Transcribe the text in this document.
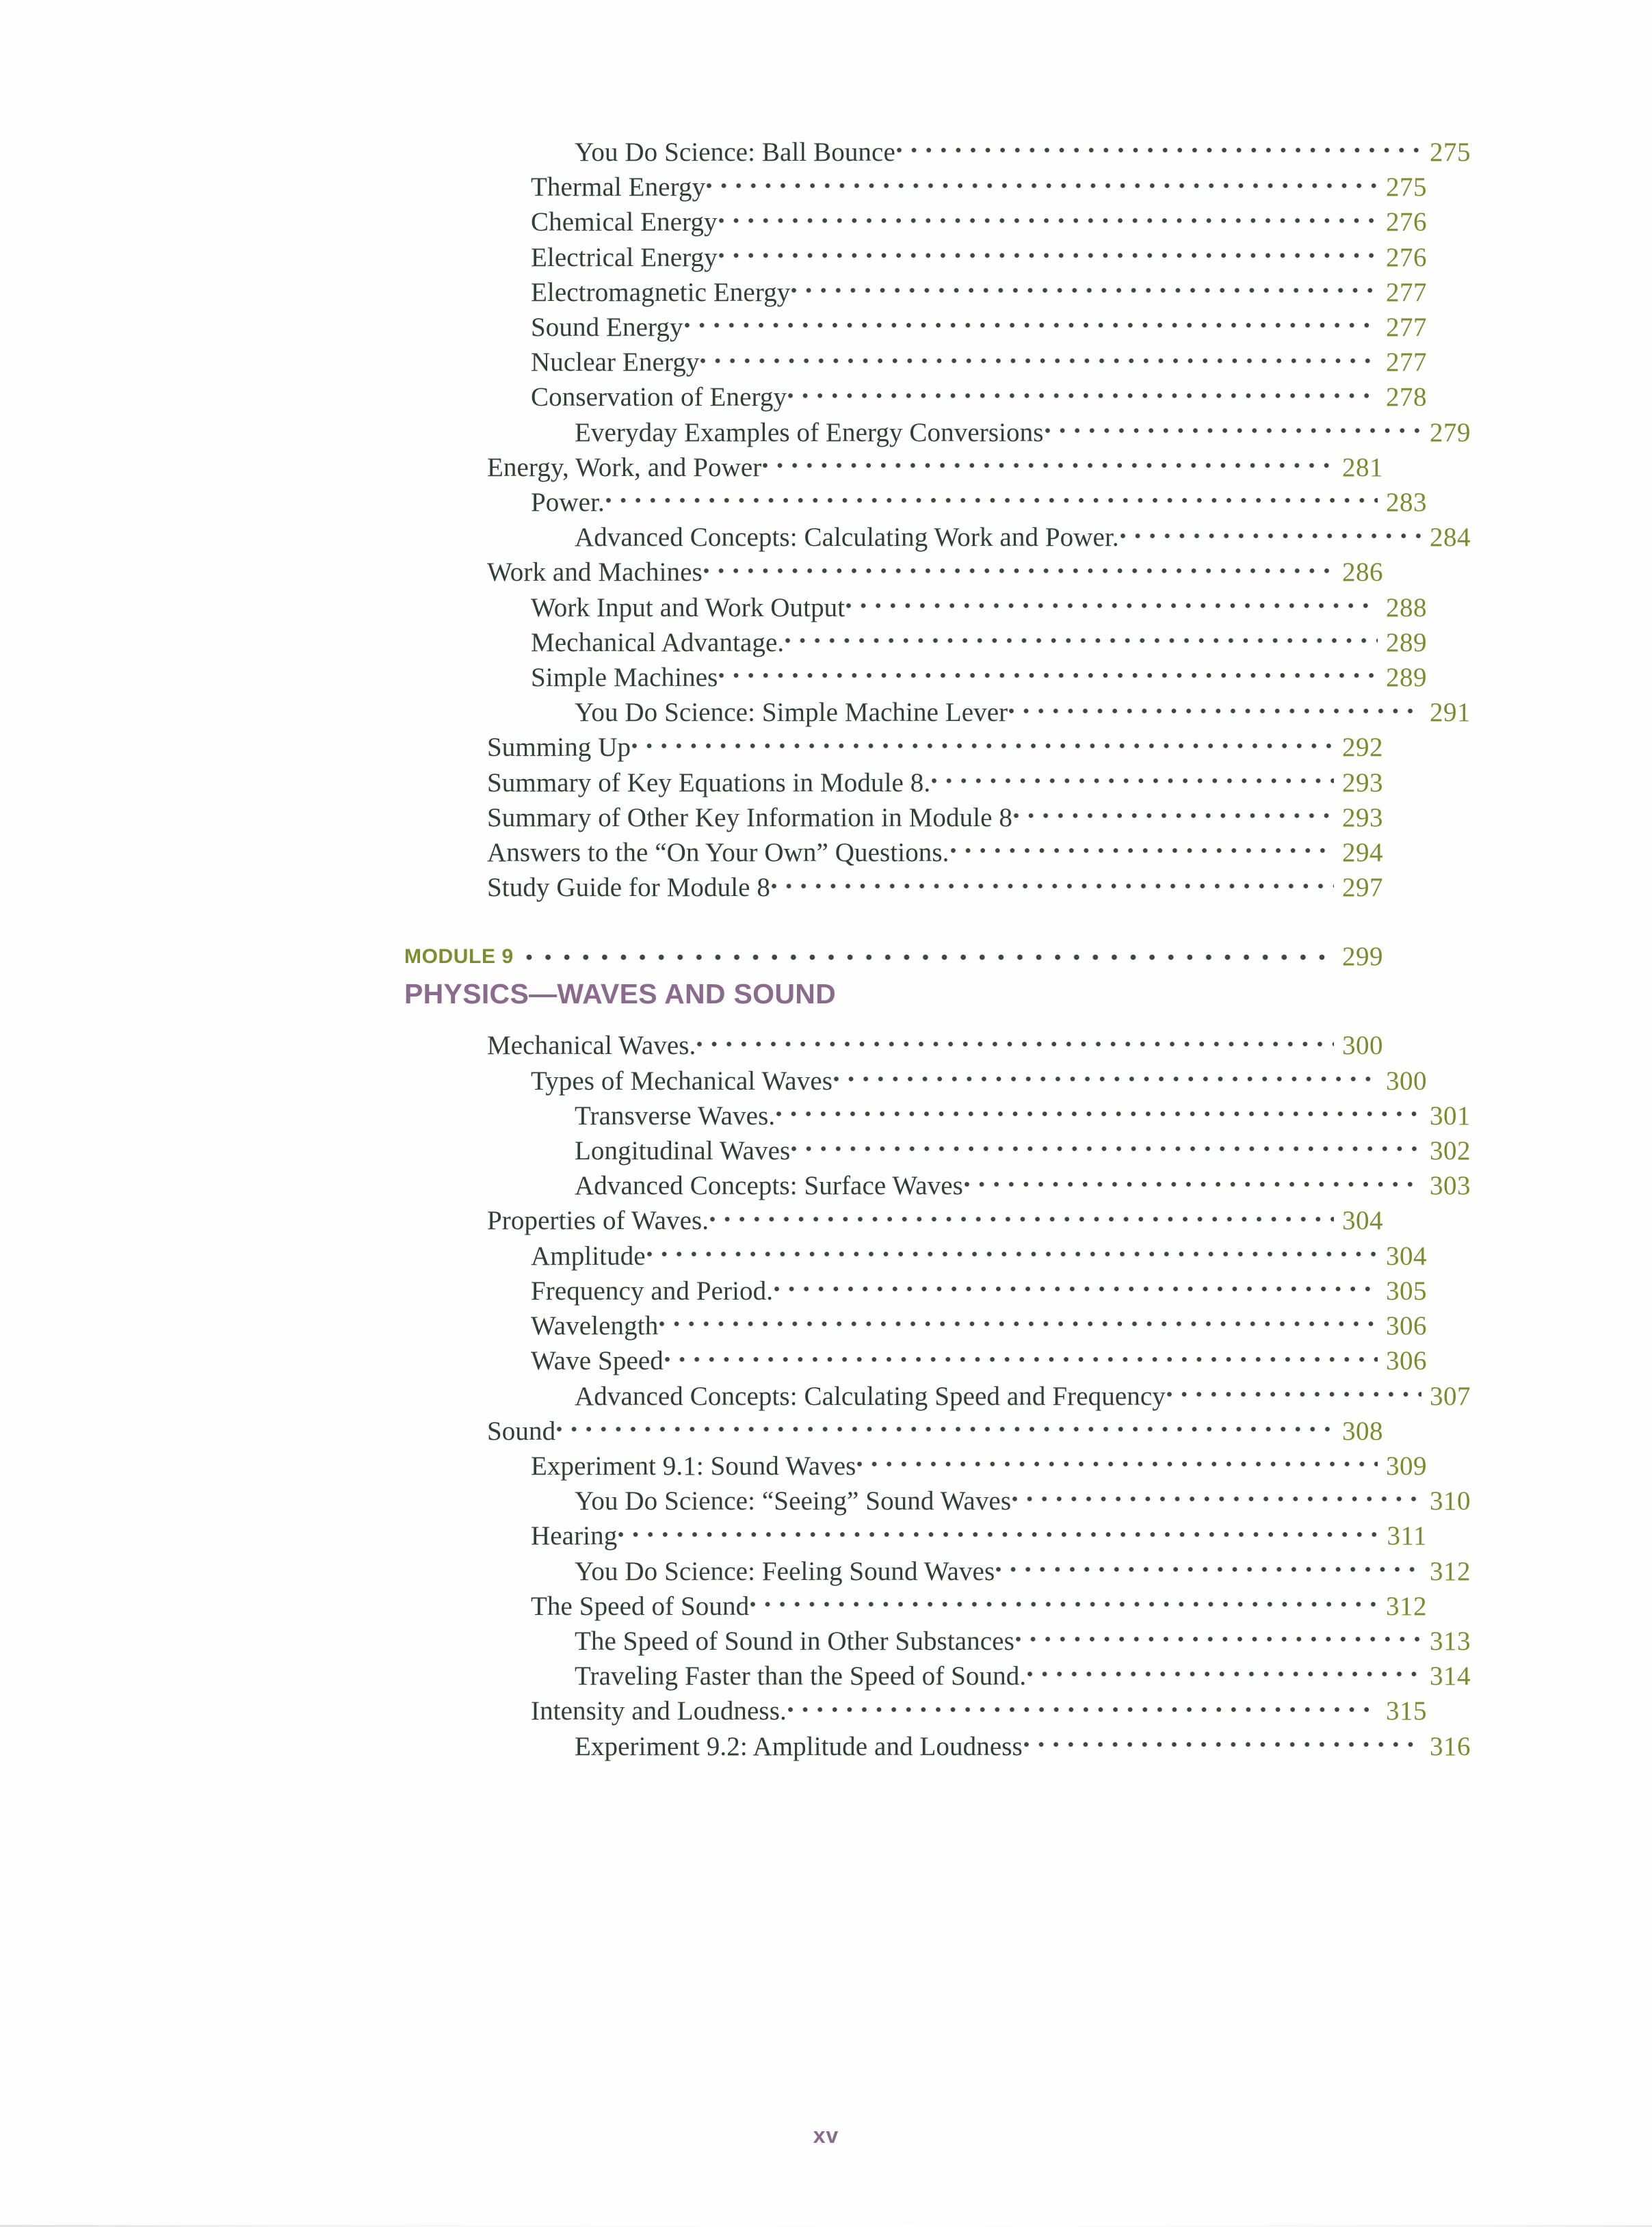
You Do Science: Ball Bounce	275
Thermal Energy	275
Chemical Energy	276
Electrical Energy	276
Electromagnetic Energy	277
Sound Energy	277
Nuclear Energy	277
Conservation of Energy	278
Everyday Examples of Energy Conversions	279
Energy, Work, and Power	281
Power.	283
Advanced Concepts: Calculating Work and Power.	284
Work and Machines	286
Work Input and Work Output	288
Mechanical Advantage.	289
Simple Machines	289
You Do Science: Simple Machine Lever	291
Summing Up	292
Summary of Key Equations in Module 8.	293
Summary of Other Key Information in Module 8	293
Answers to the “On Your Own” Questions.	294
Study Guide for Module 8	297
MODULE 9	299
PHYSICS—WAVES AND SOUND
Mechanical Waves.	300
Types of Mechanical Waves	300
Transverse Waves.	301
Longitudinal Waves	302
Advanced Concepts: Surface Waves	303
Properties of Waves.	304
Amplitude	304
Frequency and Period.	305
Wavelength	306
Wave Speed	306
Advanced Concepts: Calculating Speed and Frequency	307
Sound	308
Experiment 9.1: Sound Waves	309
You Do Science: “Seeing” Sound Waves	310
Hearing	311
You Do Science: Feeling Sound Waves	312
The Speed of Sound	312
The Speed of Sound in Other Substances	313
Traveling Faster than the Speed of Sound.	314
Intensity and Loudness.	315
Experiment 9.2: Amplitude and Loudness	316
xv
